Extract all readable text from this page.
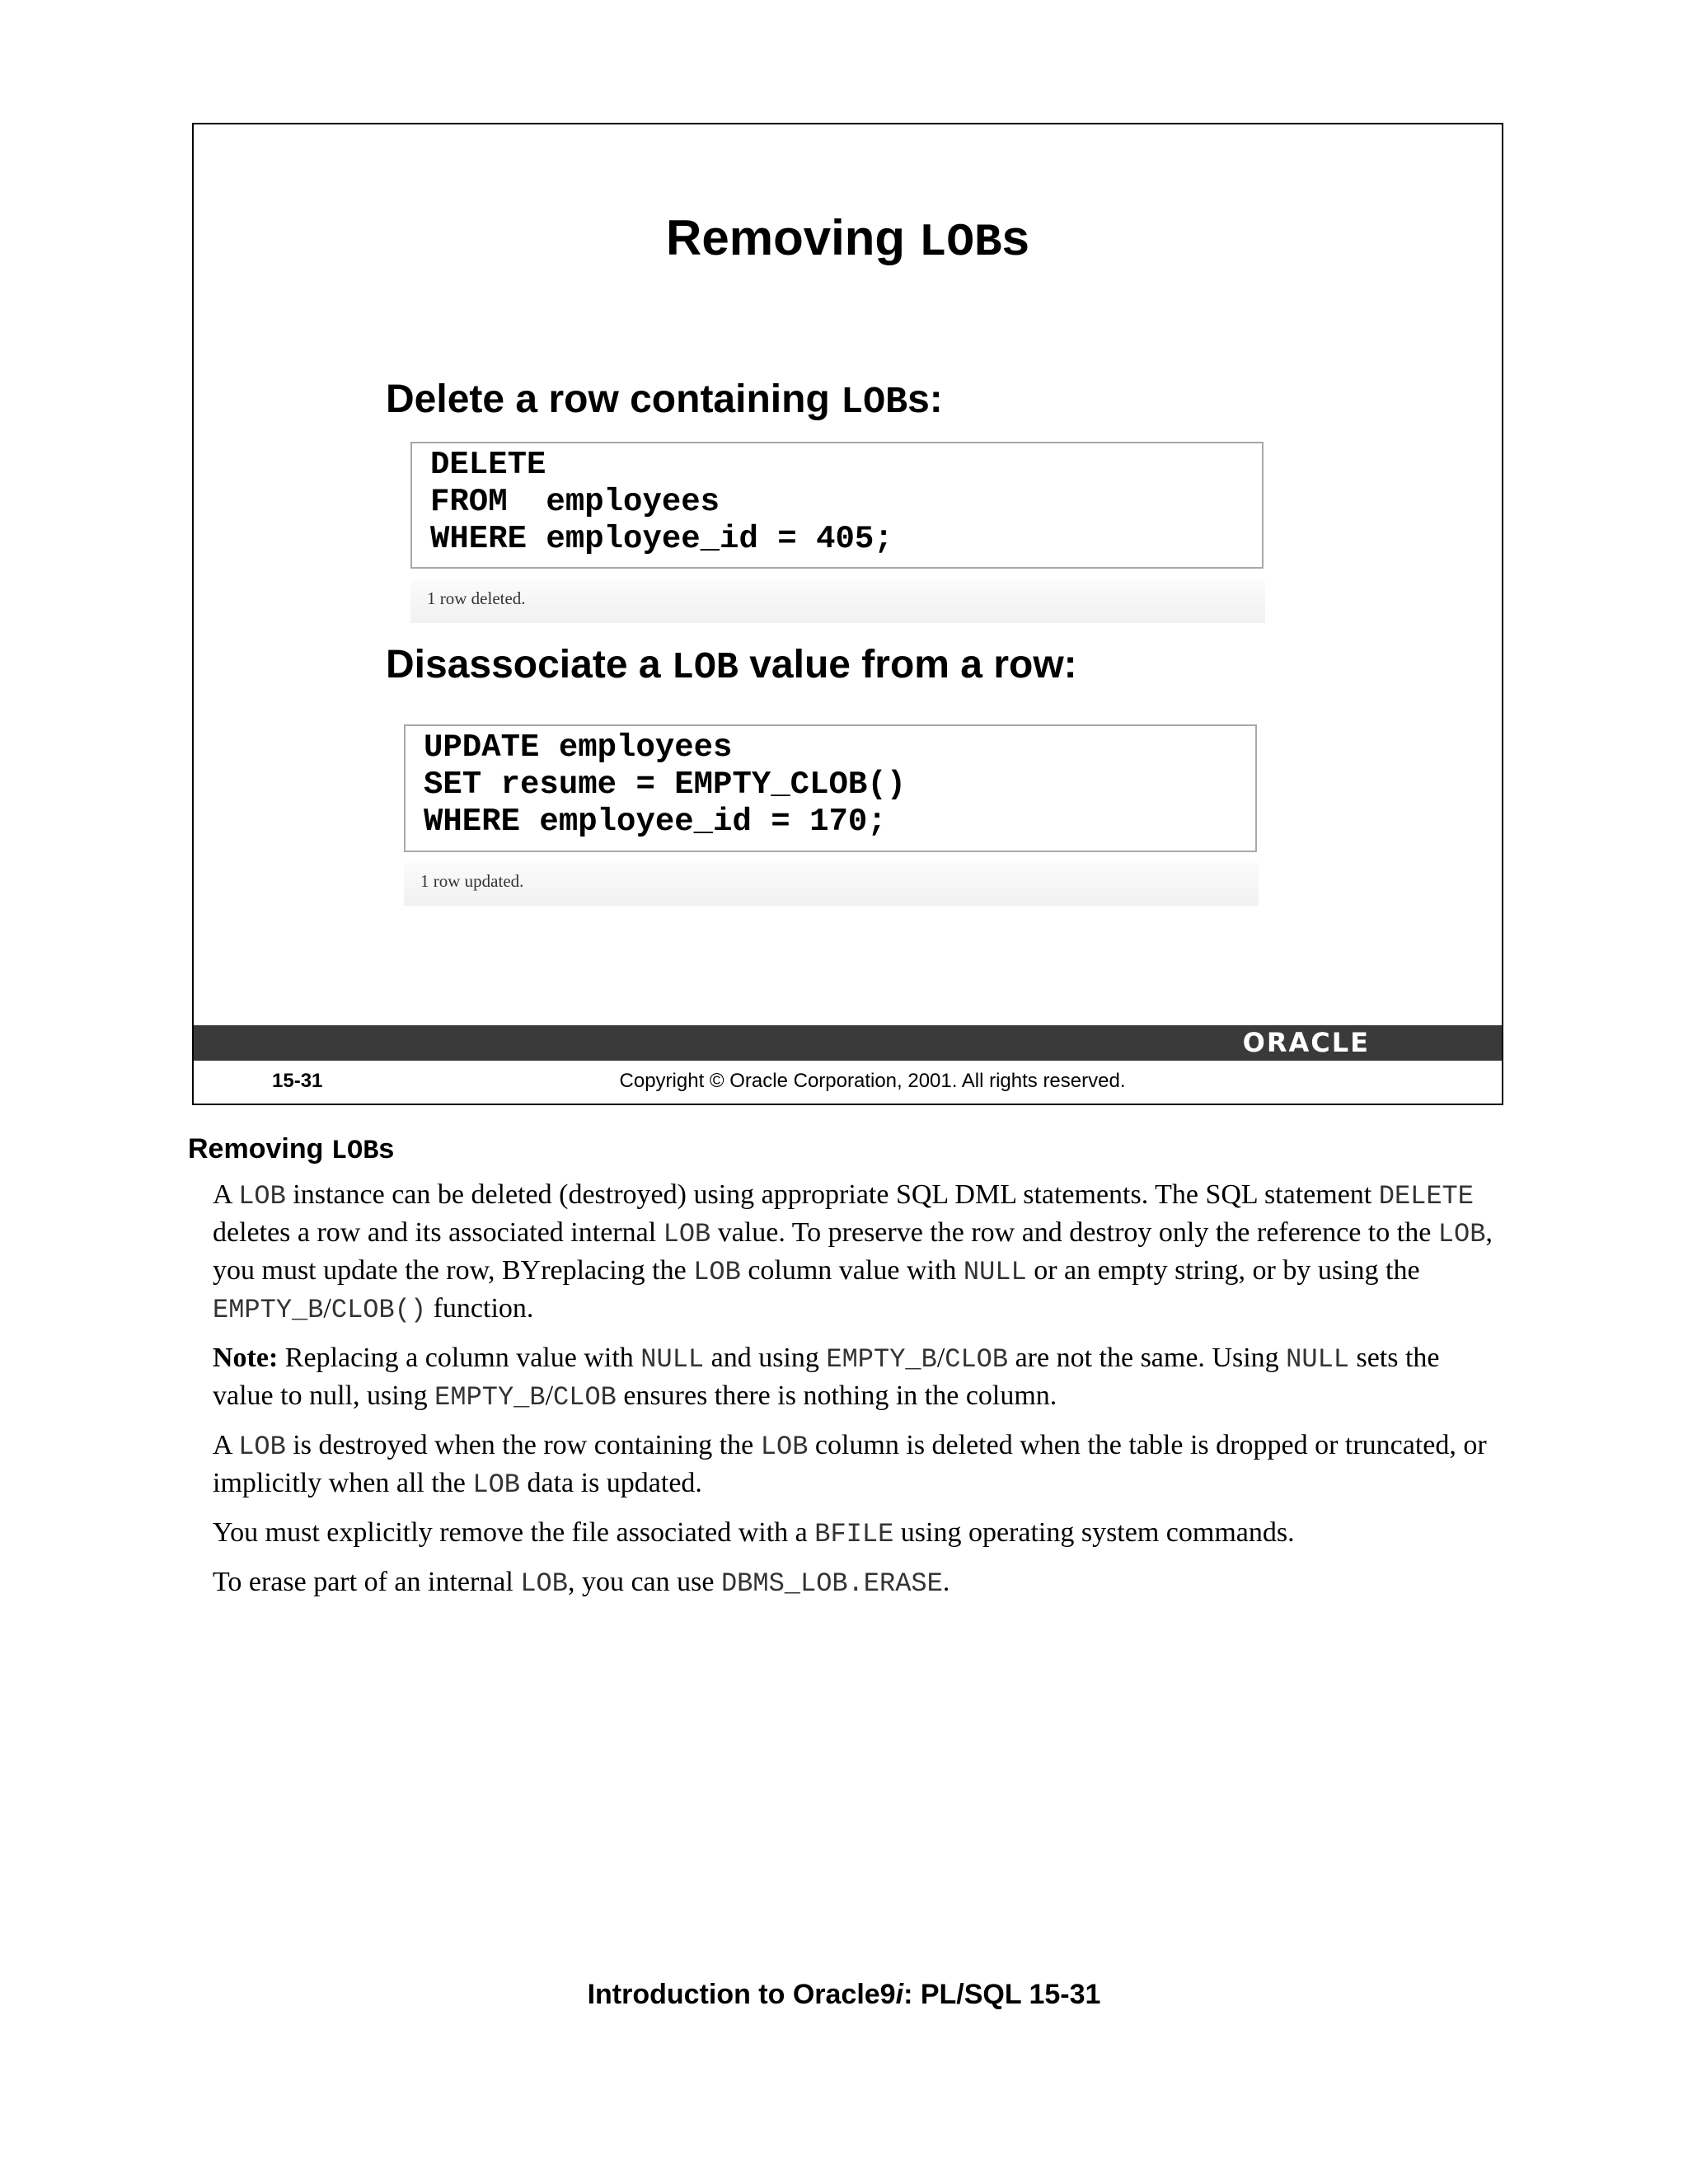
Removing LOBs
Delete a row containing LOBs:
DELETE
FROM  employees
WHERE employee_id = 405;
1 row deleted.
Disassociate a LOB value from a row:
UPDATE employees
SET resume = EMPTY_CLOB()
WHERE employee_id = 170;
1 row updated.
ORACLE
15-31	Copyright © Oracle Corporation, 2001. All rights reserved.
Removing LOBs

A LOB instance can be deleted (destroyed) using appropriate SQL DML statements. The SQL statement DELETE deletes a row and its associated internal LOB value. To preserve the row and destroy only the reference to the LOB, you must update the row, BYreplacing the LOB column value with NULL or an empty string, or by using the EMPTY_B/CLOB() function.

Note: Replacing a column value with NULL and using EMPTY_B/CLOB are not the same. Using NULL sets the value to null, using EMPTY_B/CLOB ensures there is nothing in the column.

A LOB is destroyed when the row containing the LOB column is deleted when the table is dropped or truncated, or implicitly when all the LOB data is updated.

You must explicitly remove the file associated with a BFILE using operating system commands.

To erase part of an internal LOB, you can use DBMS_LOB.ERASE.

Introduction to Oracle9i: PL/SQL 15-31
